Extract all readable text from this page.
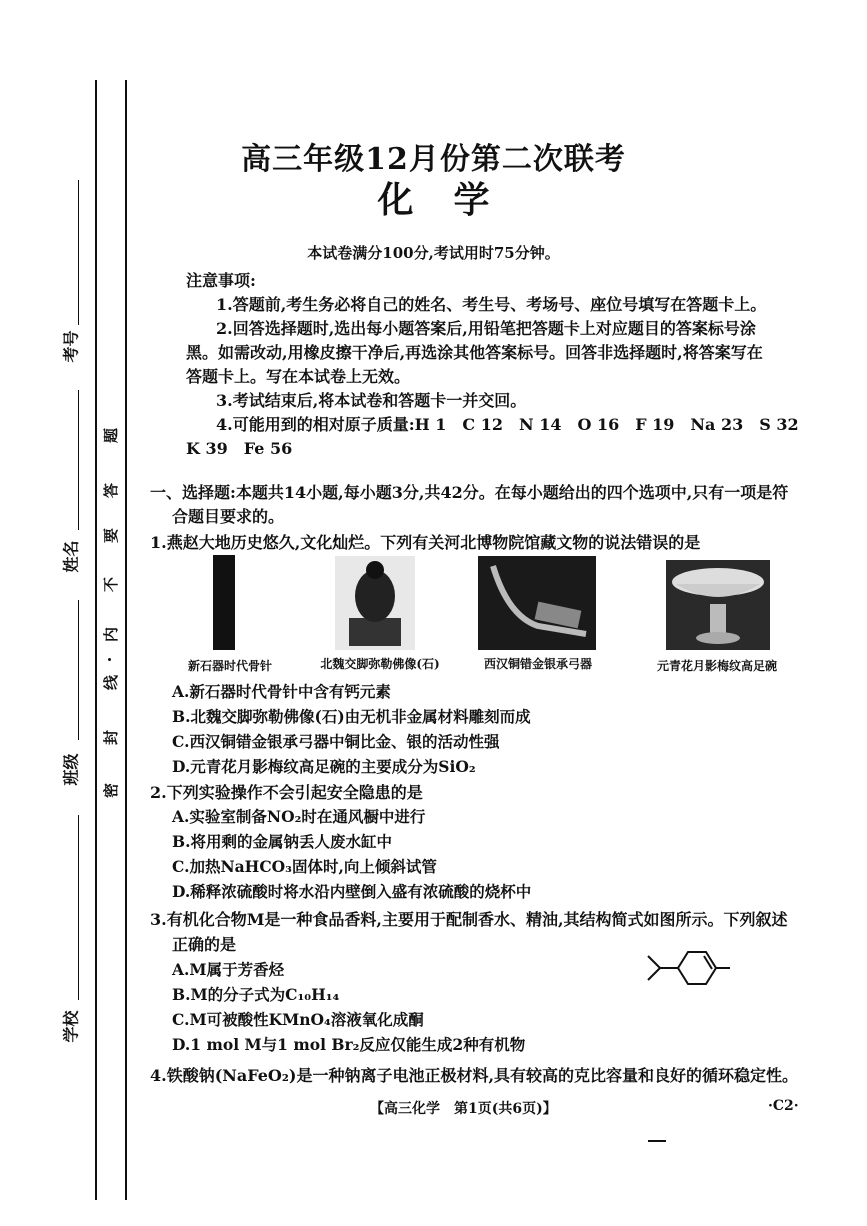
考号
姓名
班级
学校
题
答
要
不
内
线
封
密
高三年级12月份第二次联考
化学
本试卷满分100分,考试用时75分钟。
注意事项:
1.答题前,考生务必将自己的姓名、考生号、考场号、座位号填写在答题卡上。
2.回答选择题时,选出每小题答案后,用铅笔把答题卡上对应题目的答案标号涂
黑。如需改动,用橡皮擦干净后,再选涂其他答案标号。回答非选择题时,将答案写在
答题卡上。写在本试卷上无效。
3.考试结束后,将本试卷和答题卡一并交回。
4.可能用到的相对原子质量:H 1　C 12　N 14　O 16　F 19　Na 23　S 32
K 39　Fe 56
一、选择题:本题共14小题,每小题3分,共42分。在每小题给出的四个选项中,只有一项是符
合题目要求的。
1.燕赵大地历史悠久,文化灿烂。下列有关河北博物院馆藏文物的说法错误的是
新石器时代骨针	北魏交脚弥勒佛像(石)	西汉铜错金银承弓器	元青花月影梅纹高足碗
A.新石器时代骨针中含有钙元素
B.北魏交脚弥勒佛像(石)由无机非金属材料雕刻而成
C.西汉铜错金银承弓器中铜比金、银的活动性强
D.元青花月影梅纹高足碗的主要成分为SiO₂
2.下列实验操作不会引起安全隐患的是
A.实验室制备NO₂时在通风橱中进行
B.将用剩的金属钠丢人废水缸中
C.加热NaHCO₃固体时,向上倾斜试管
D.稀释浓硫酸时将水沿内壁倒入盛有浓硫酸的烧杯中
3.有机化合物M是一种食品香料,主要用于配制香水、精油,其结构简式如图所示。下列叙述
正确的是
A.M属于芳香烃
B.M的分子式为C₁₀H₁₄
C.M可被酸性KMnO₄溶液氧化成酮
D.1 mol M与1 mol Br₂反应仅能生成2种有机物
4.铁酸钠(NaFeO₂)是一种钠离子电池正极材料,具有较高的克比容量和良好的循环稳定性。
【高三化学　第1页(共6页)】	·C2·
